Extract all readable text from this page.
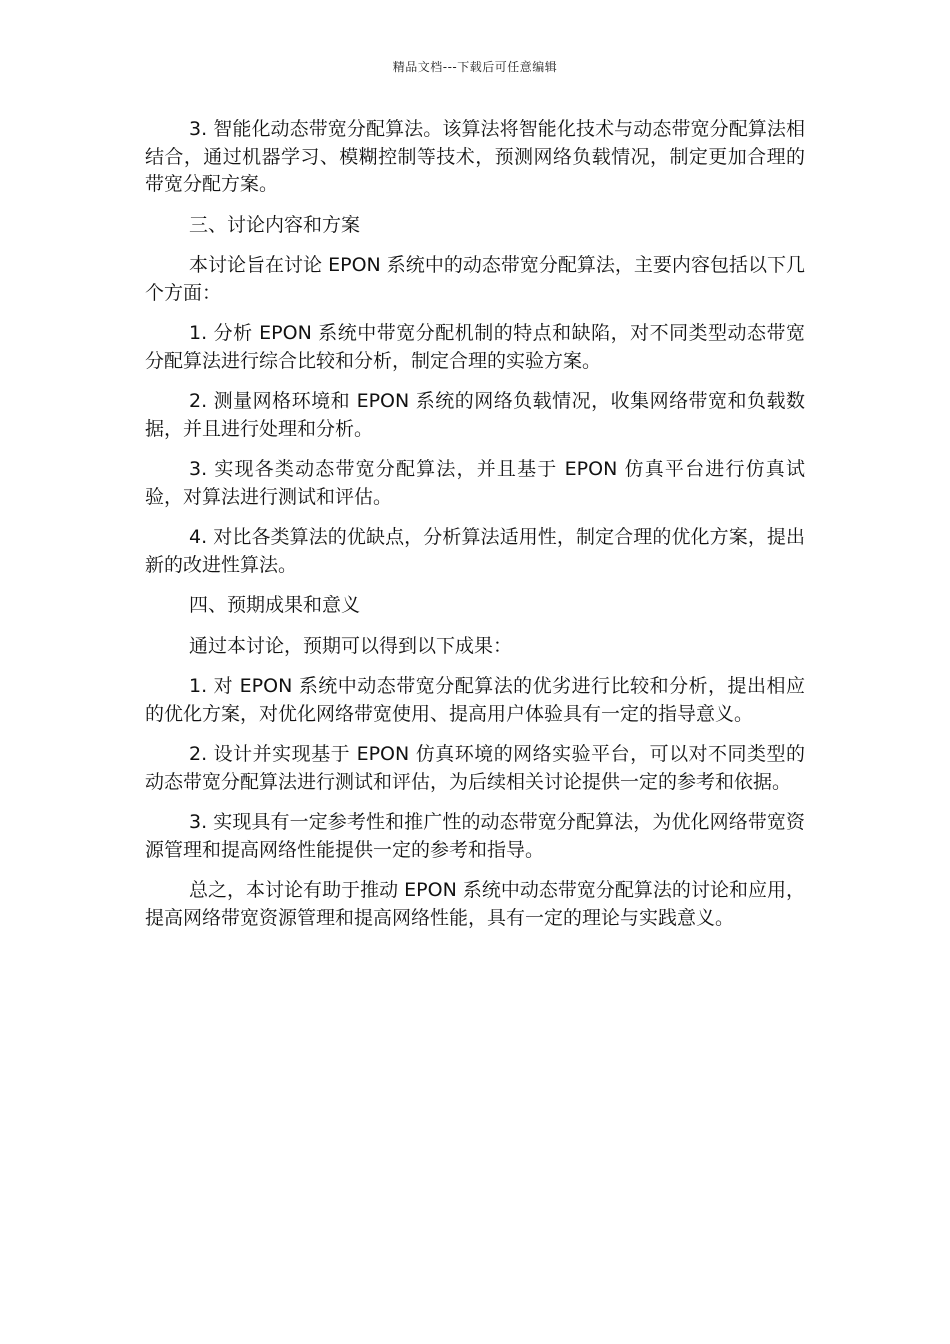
精品文档---下载后可任意编辑

3. 智能化动态带宽分配算法。该算法将智能化技术与动态带宽分配算法相结合，通过机器学习、模糊控制等技术，预测网络负载情况，制定更加合理的带宽分配方案。

三、讨论内容和方案

本讨论旨在讨论 EPON 系统中的动态带宽分配算法，主要内容包括以下几个方面：

1. 分析 EPON 系统中带宽分配机制的特点和缺陷，对不同类型动态带宽分配算法进行综合比较和分析，制定合理的实验方案。

2. 测量网格环境和 EPON 系统的网络负载情况，收集网络带宽和负载数据，并且进行处理和分析。

3. 实现各类动态带宽分配算法，并且基于 EPON 仿真平台进行仿真试验，对算法进行测试和评估。

4. 对比各类算法的优缺点，分析算法适用性，制定合理的优化方案，提出新的改进性算法。

四、预期成果和意义

通过本讨论，预期可以得到以下成果：

1. 对 EPON 系统中动态带宽分配算法的优劣进行比较和分析，提出相应的优化方案，对优化网络带宽使用、提高用户体验具有一定的指导意义。

2. 设计并实现基于 EPON 仿真环境的网络实验平台，可以对不同类型的动态带宽分配算法进行测试和评估，为后续相关讨论提供一定的参考和依据。

3. 实现具有一定参考性和推广性的动态带宽分配算法，为优化网络带宽资源管理和提高网络性能提供一定的参考和指导。

总之，本讨论有助于推动 EPON 系统中动态带宽分配算法的讨论和应用，提高网络带宽资源管理和提高网络性能，具有一定的理论与实践意义。
